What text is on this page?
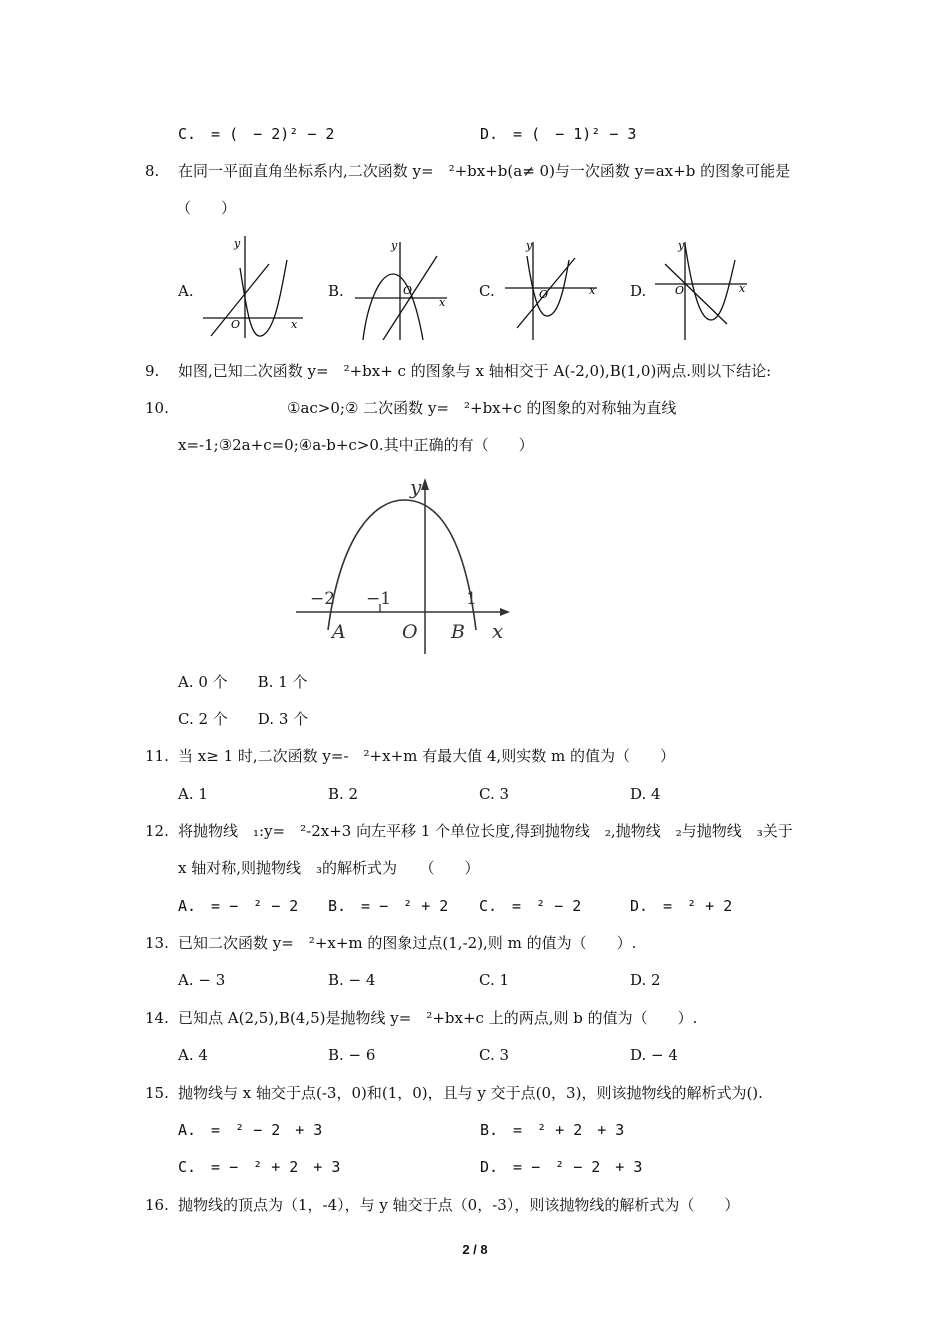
C.　= (　− 2)² − 2	D.　= (　− 1)² − 3
8. 在同一平面直角坐标系内,二次函数 y=　²+bx+b(a≠ 0)与一次函数 y=ax+b 的图象可能是
（　　）
A.	B.	C.	D.
y
O	x
y
O
x
y
O	x
y
O	x
9. 如图,已知二次函数 y=　²+bx+ c 的图象与 x 轴相交于 A(-2,0),B(1,0)两点.则以下结论:
10.	①ac>0;② 二次函数 y=　²+bx+c 的图象的对称轴为直线
x=-1;③2a+c=0;④a-b+c>0.其中正确的有（　　）
y
x
−2 −1	1
A	O B
A. 0 个　　B. 1 个
C. 2 个　　D. 3 个
11. 当 x≥ 1 时,二次函数 y=-　²+x+m 有最大值 4,则实数 m 的值为（　　）
A. 1	B. 2	C. 3	D. 4
12. 将抛物线　₁:y=　²-2x+3 向左平移 1 个单位长度,得到抛物线　₂,抛物线　₂与抛物线　₃关于
x 轴对称,则抛物线　₃的解析式为　　（　　）
A.　= −　² − 2 B.　= −　² + 2 C.　=　² − 2	D.　=　² + 2
13. 已知二次函数 y=　²+x+m 的图象过点(1,-2),则 m 的值为（　　）.
A. − 3	B. − 4	C. 1	D. 2
14. 已知点 A(2,5),B(4,5)是抛物线 y=　²+bx+c 上的两点,则 b 的值为（　　）.
A. 4	B. − 6	C. 3	D. − 4
15. 抛物线与 x 轴交于点(-3，0)和(1，0)，且与 y 交于点(0，3)，则该抛物线的解析式为().
A.　=　² − 2　+ 3	B.　=　² + 2　+ 3
C.　= −　² + 2　+ 3	D.　= −　² − 2　+ 3
16. 抛物线的顶点为（1，-4），与 y 轴交于点（0，-3），则该抛物线的解析式为（　　）
2 / 8
